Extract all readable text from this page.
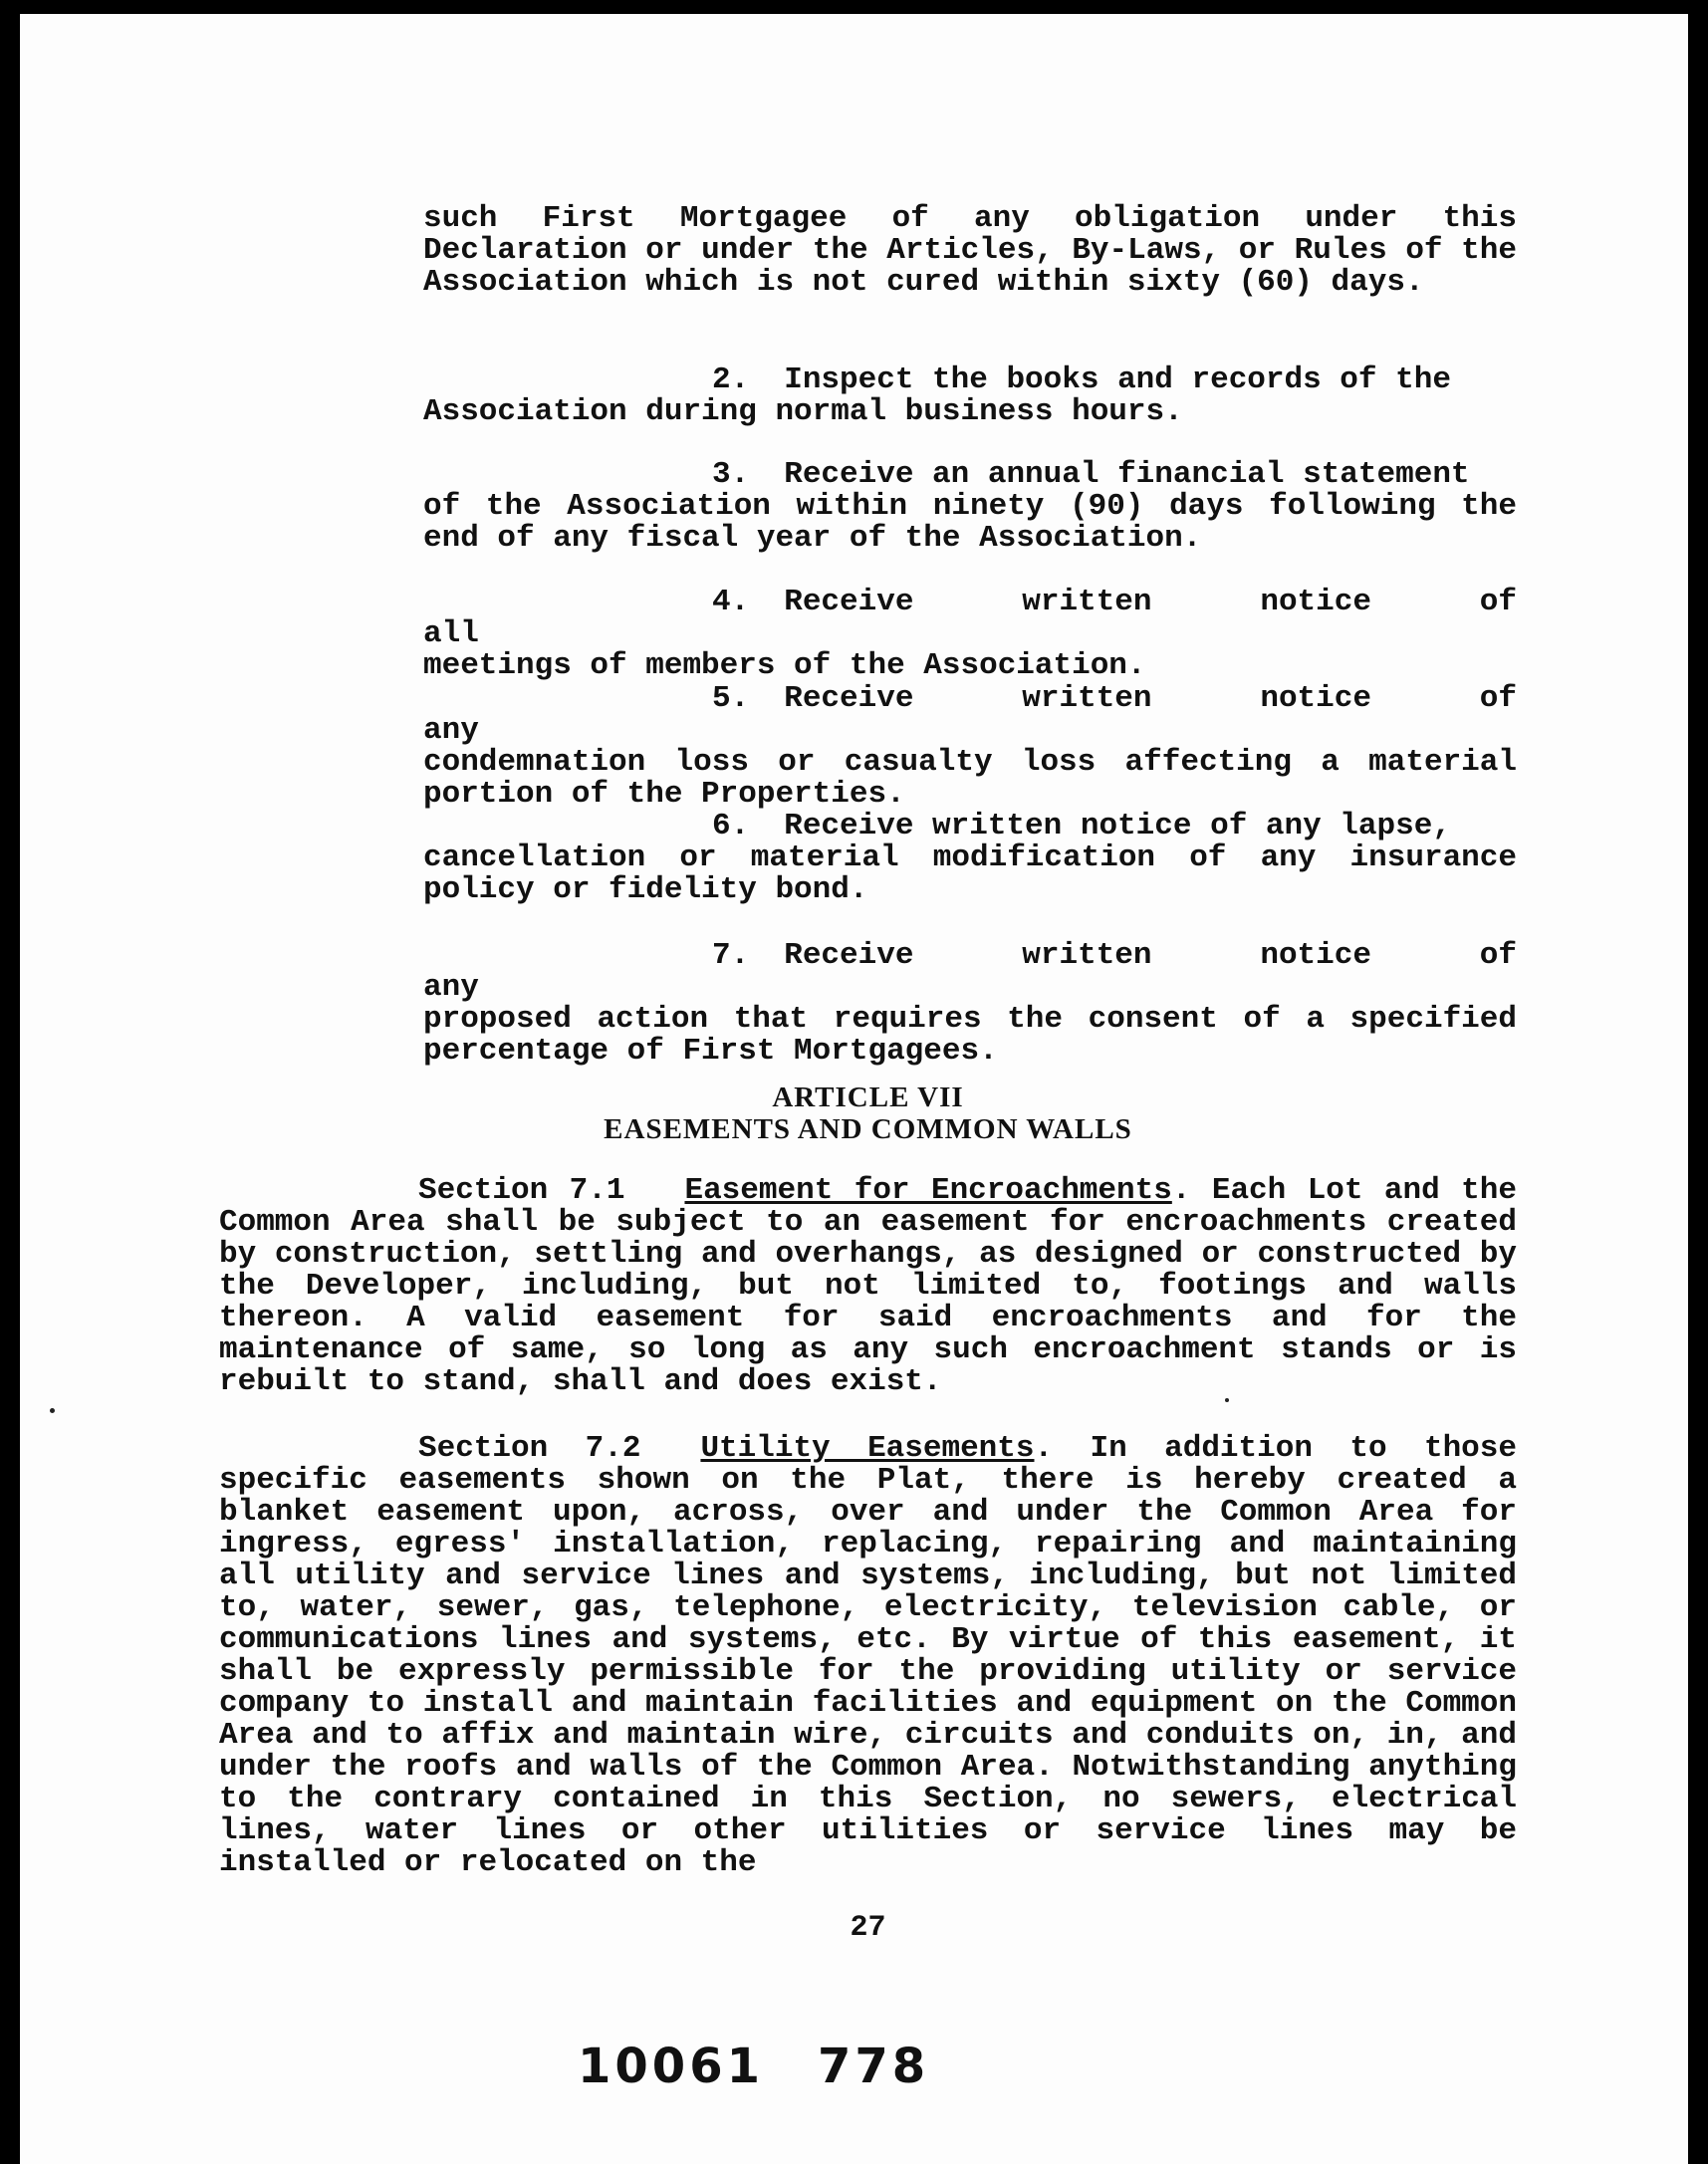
such First Mortgagee of any obligation under this Declaration or under the Articles, By-Laws, or Rules of the Association which is not cured within sixty (60) days.
2. Inspect the books and records of the
Association during normal business hours.
3. Receive an annual financial statement
of the Association within ninety (90) days following the end of any fiscal year of the Association.
4. Receive written notice of all
meetings of members of the Association.
5. Receive written notice of any
condemnation loss or casualty loss affecting a material portion of the Properties.
6. Receive written notice of any lapse,
cancellation or material modification of any insurance policy or fidelity bond.
7. Receive written notice of any
proposed action that requires the consent of a specified percentage of First Mortgagees.
ARTICLE VII
EASEMENTS AND COMMON WALLS
Section 7.1 Easement for Encroachments. Each Lot and the Common Area shall be subject to an easement for encroachments created by construction, settling and overhangs, as designed or constructed by the Developer, including, but not limited to, footings and walls thereon. A valid easement for said encroachments and for the maintenance of same, so long as any such encroachment stands or is rebuilt to stand, shall and does exist.
Section 7.2 Utility Easements. In addition to those specific easements shown on the Plat, there is hereby created a blanket easement upon, across, over and under the Common Area for ingress, egress' installation, replacing, repairing and maintaining all utility and service lines and systems, including, but not limited to, water, sewer, gas, telephone, electricity, television cable, or communications lines and systems, etc. By virtue of this easement, it shall be expressly permissible for the providing utility or service company to install and maintain facilities and equipment on the Common Area and to affix and maintain wire, circuits and conduits on, in, and under the roofs and walls of the Common Area. Notwithstanding anything to the contrary contained in this Section, no sewers, electrical lines, water lines or other utilities or service lines may be installed or relocated on the
27
10061 778
